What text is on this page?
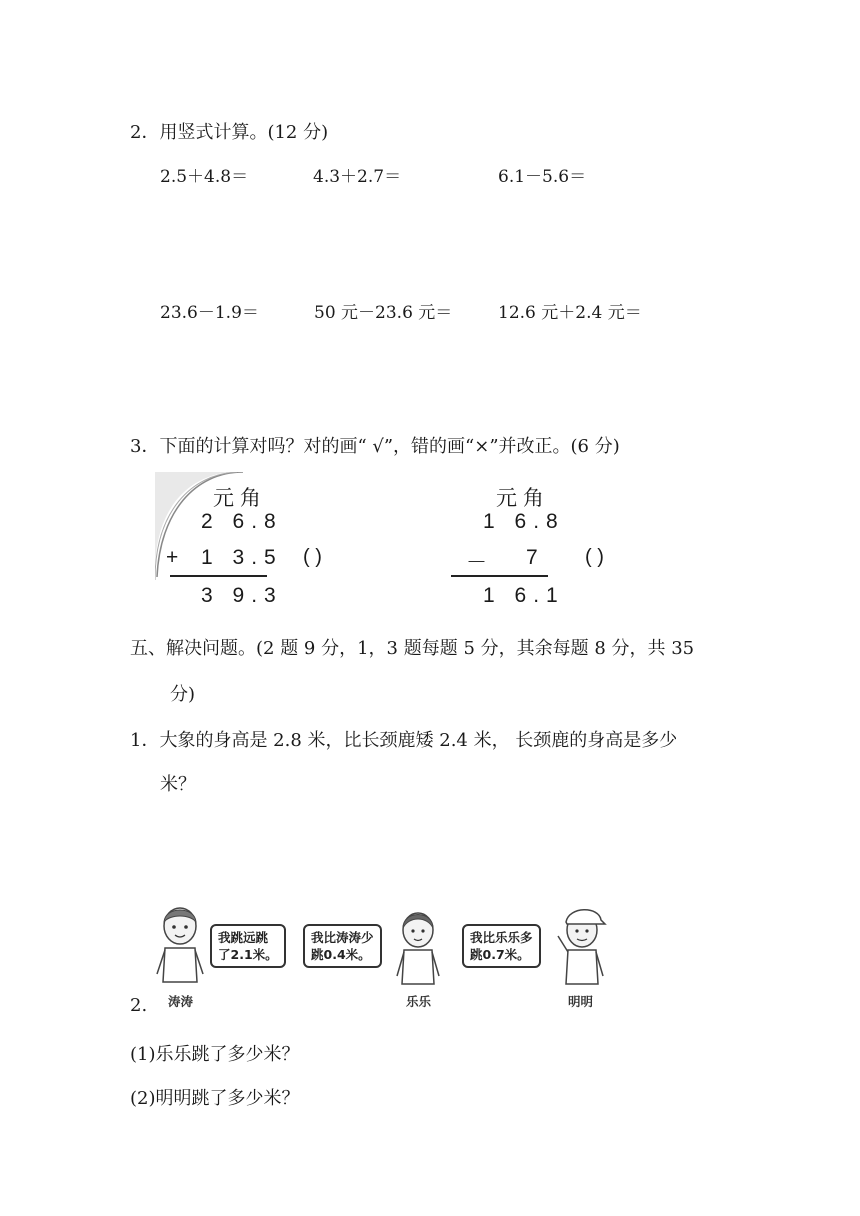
2．用竖式计算。(12 分)
2.5＋4.8＝	4.3＋2.7＝	6.1－5.6＝
23.6－1.9＝	50 元－23.6 元＝	12.6 元＋2.4 元＝
3．下面的计算对吗？对的画“ √”，错的画“×”并改正。(6 分)
元 角
2 6.8
+ 1 3.5
3 9.3
( )
元 角
1 6.8
－ 7
1 6.1
( )
五、解决问题。(2 题 9 分，1，3 题每题 5 分，其余每题 8 分，共 35
分)
1．大象的身高是 2.8 米，比长颈鹿矮 2.4 米， 长颈鹿的身高是多少
米？
我跳远跳
了2.1米。
涛涛
我比涛涛少
跳0.4米。
乐乐
我比乐乐多
跳0.7米。
明明
2.
(1)乐乐跳了多少米？
(2)明明跳了多少米？
